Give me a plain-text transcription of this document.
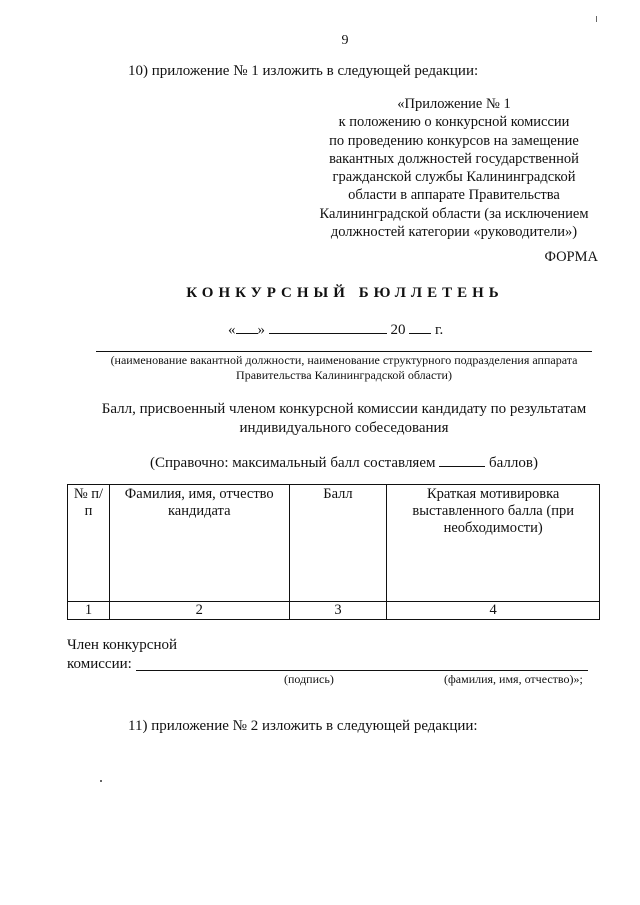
9
10) приложение № 1 изложить в следующей редакции:
«Приложение № 1
к положению о конкурсной комиссии
по проведению конкурсов на замещение
вакантных должностей государственной
гражданской службы Калининградской
области в аппарате Правительства
Калининградской области (за исключением
должностей категории «руководители»)
ФОРМА
КОНКУРСНЫЙ БЮЛЛЕТЕНЬ
« »	20 г.
(наименование вакантной должности, наименование структурного подразделения аппарата Правительства Калининградской области)
Балл, присвоенный членом конкурсной комиссии кандидату по результатам индивидуального собеседования
(Справочно: максимальный балл составляем	баллов)
№ п/п	Фамилия, имя, отчество кандидата	Балл	Краткая мотивировка выставленного балла (при необходимости)
1	2	3	4
Член конкурсной
комиссии:
(подпись)	(фамилия, имя, отчество)»;
11) приложение № 2 изложить в следующей редакции:
